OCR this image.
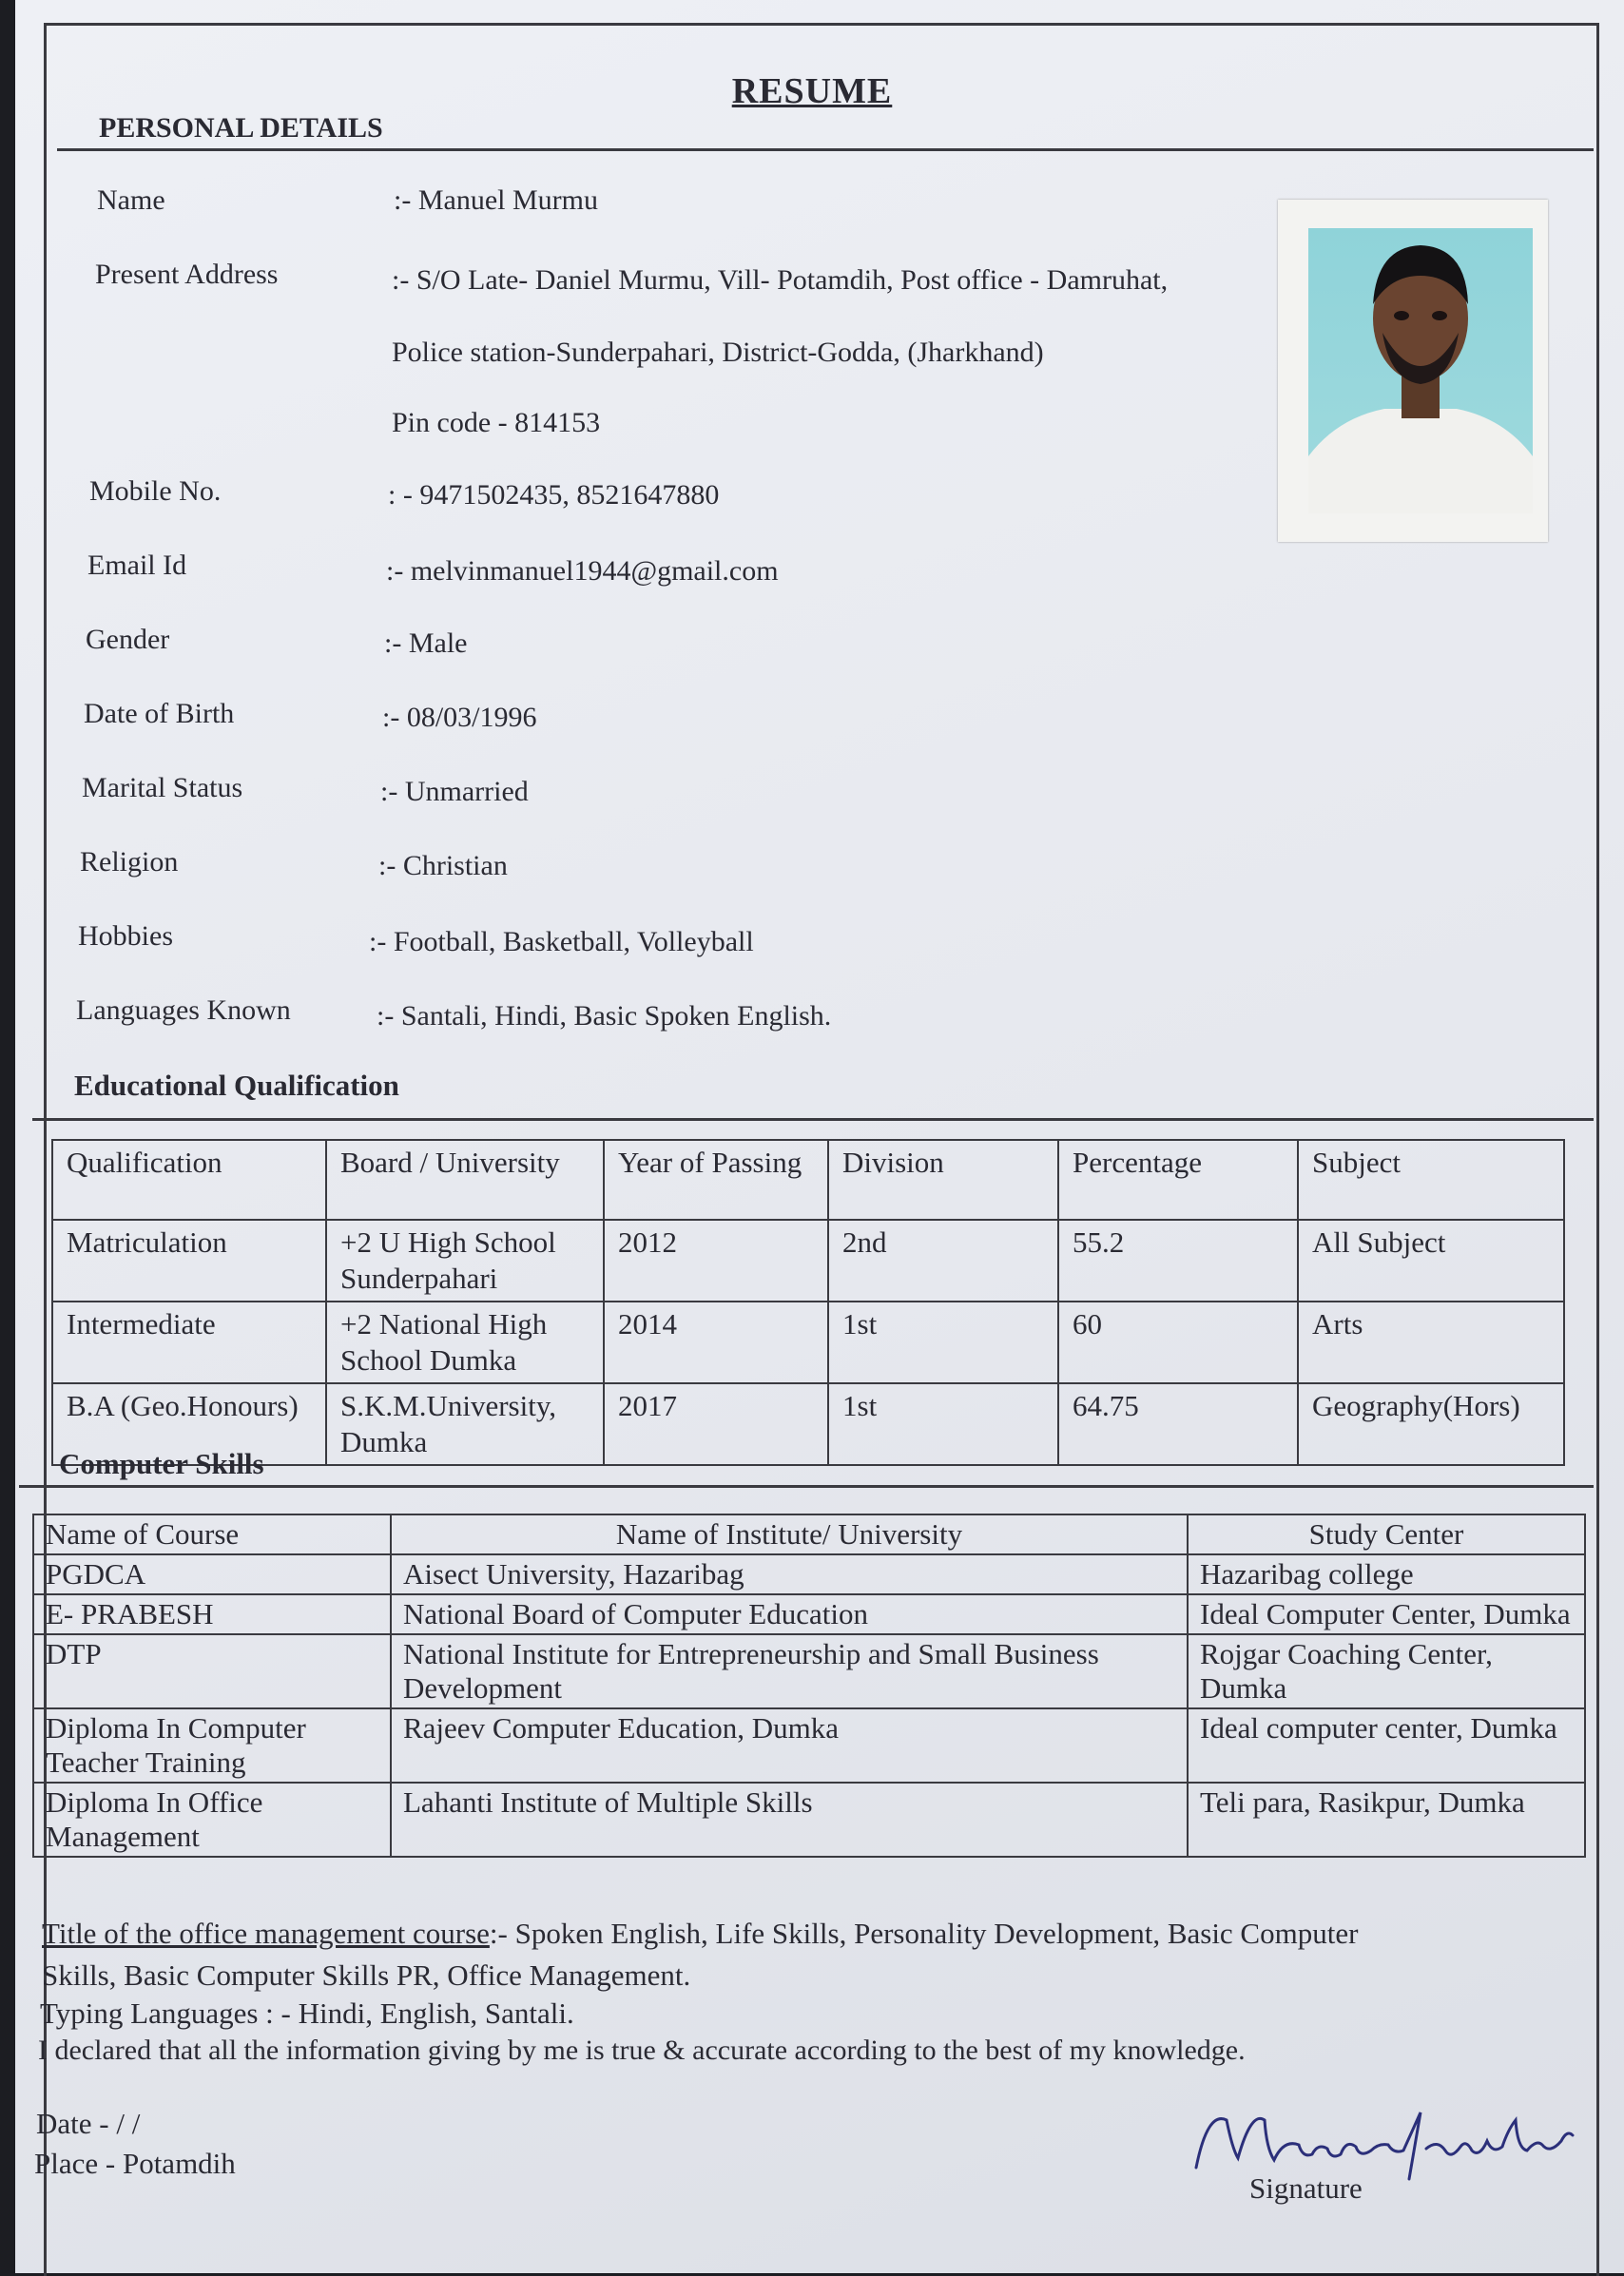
RESUME
PERSONAL DETAILS
Name	:- Manuel Murmu
Present Address	:- S/O Late- Daniel Murmu, Vill- Potamdih, Post office - Damruhat,
Police station-Sunderpahari, District-Godda, (Jharkhand)
Pin code - 814153
Mobile No.	: - 9471502435, 8521647880
Email Id	:- melvinmanuel1944@gmail.com
Gender	:- Male
Date of Birth	:- 08/03/1996
Marital Status	:- Unmarried
Religion	:- Christian
Hobbies	:- Football, Basketball, Volleyball
Languages Known	:- Santali, Hindi, Basic Spoken English.
Educational Qualification
Qualification	Board / University	Year of Passing	Division	Percentage	Subject
Matriculation	+2 U High School Sunderpahari	2012	2nd	55.2	All Subject
Intermediate	+2 National High School Dumka	2014	1st	60	Arts
B.A (Geo.Honours)	S.K.M.University, Dumka	2017	1st	64.75	Geography(Hors)
Computer Skills
Name of Course	Name of Institute/ University	Study Center
PGDCA	Aisect University, Hazaribag	Hazaribag college
E- PRABESH	National Board of Computer Education	Ideal Computer Center, Dumka
DTP	National Institute for Entrepreneurship and Small Business Development	Rojgar Coaching Center, Dumka
Diploma In Computer Teacher Training	Rajeev Computer Education, Dumka	Ideal computer center, Dumka
Diploma In Office Management	Lahanti Institute of Multiple Skills	Teli para, Rasikpur, Dumka
Title of the office management course:- Spoken English, Life Skills, Personality Development, Basic Computer
Skills, Basic Computer Skills PR, Office Management.
Typing Languages : - Hindi, English, Santali.
I declared that all the information giving by me is true & accurate according to the best of my knowledge.
Date - / /
Place - Potamdih
Signature
